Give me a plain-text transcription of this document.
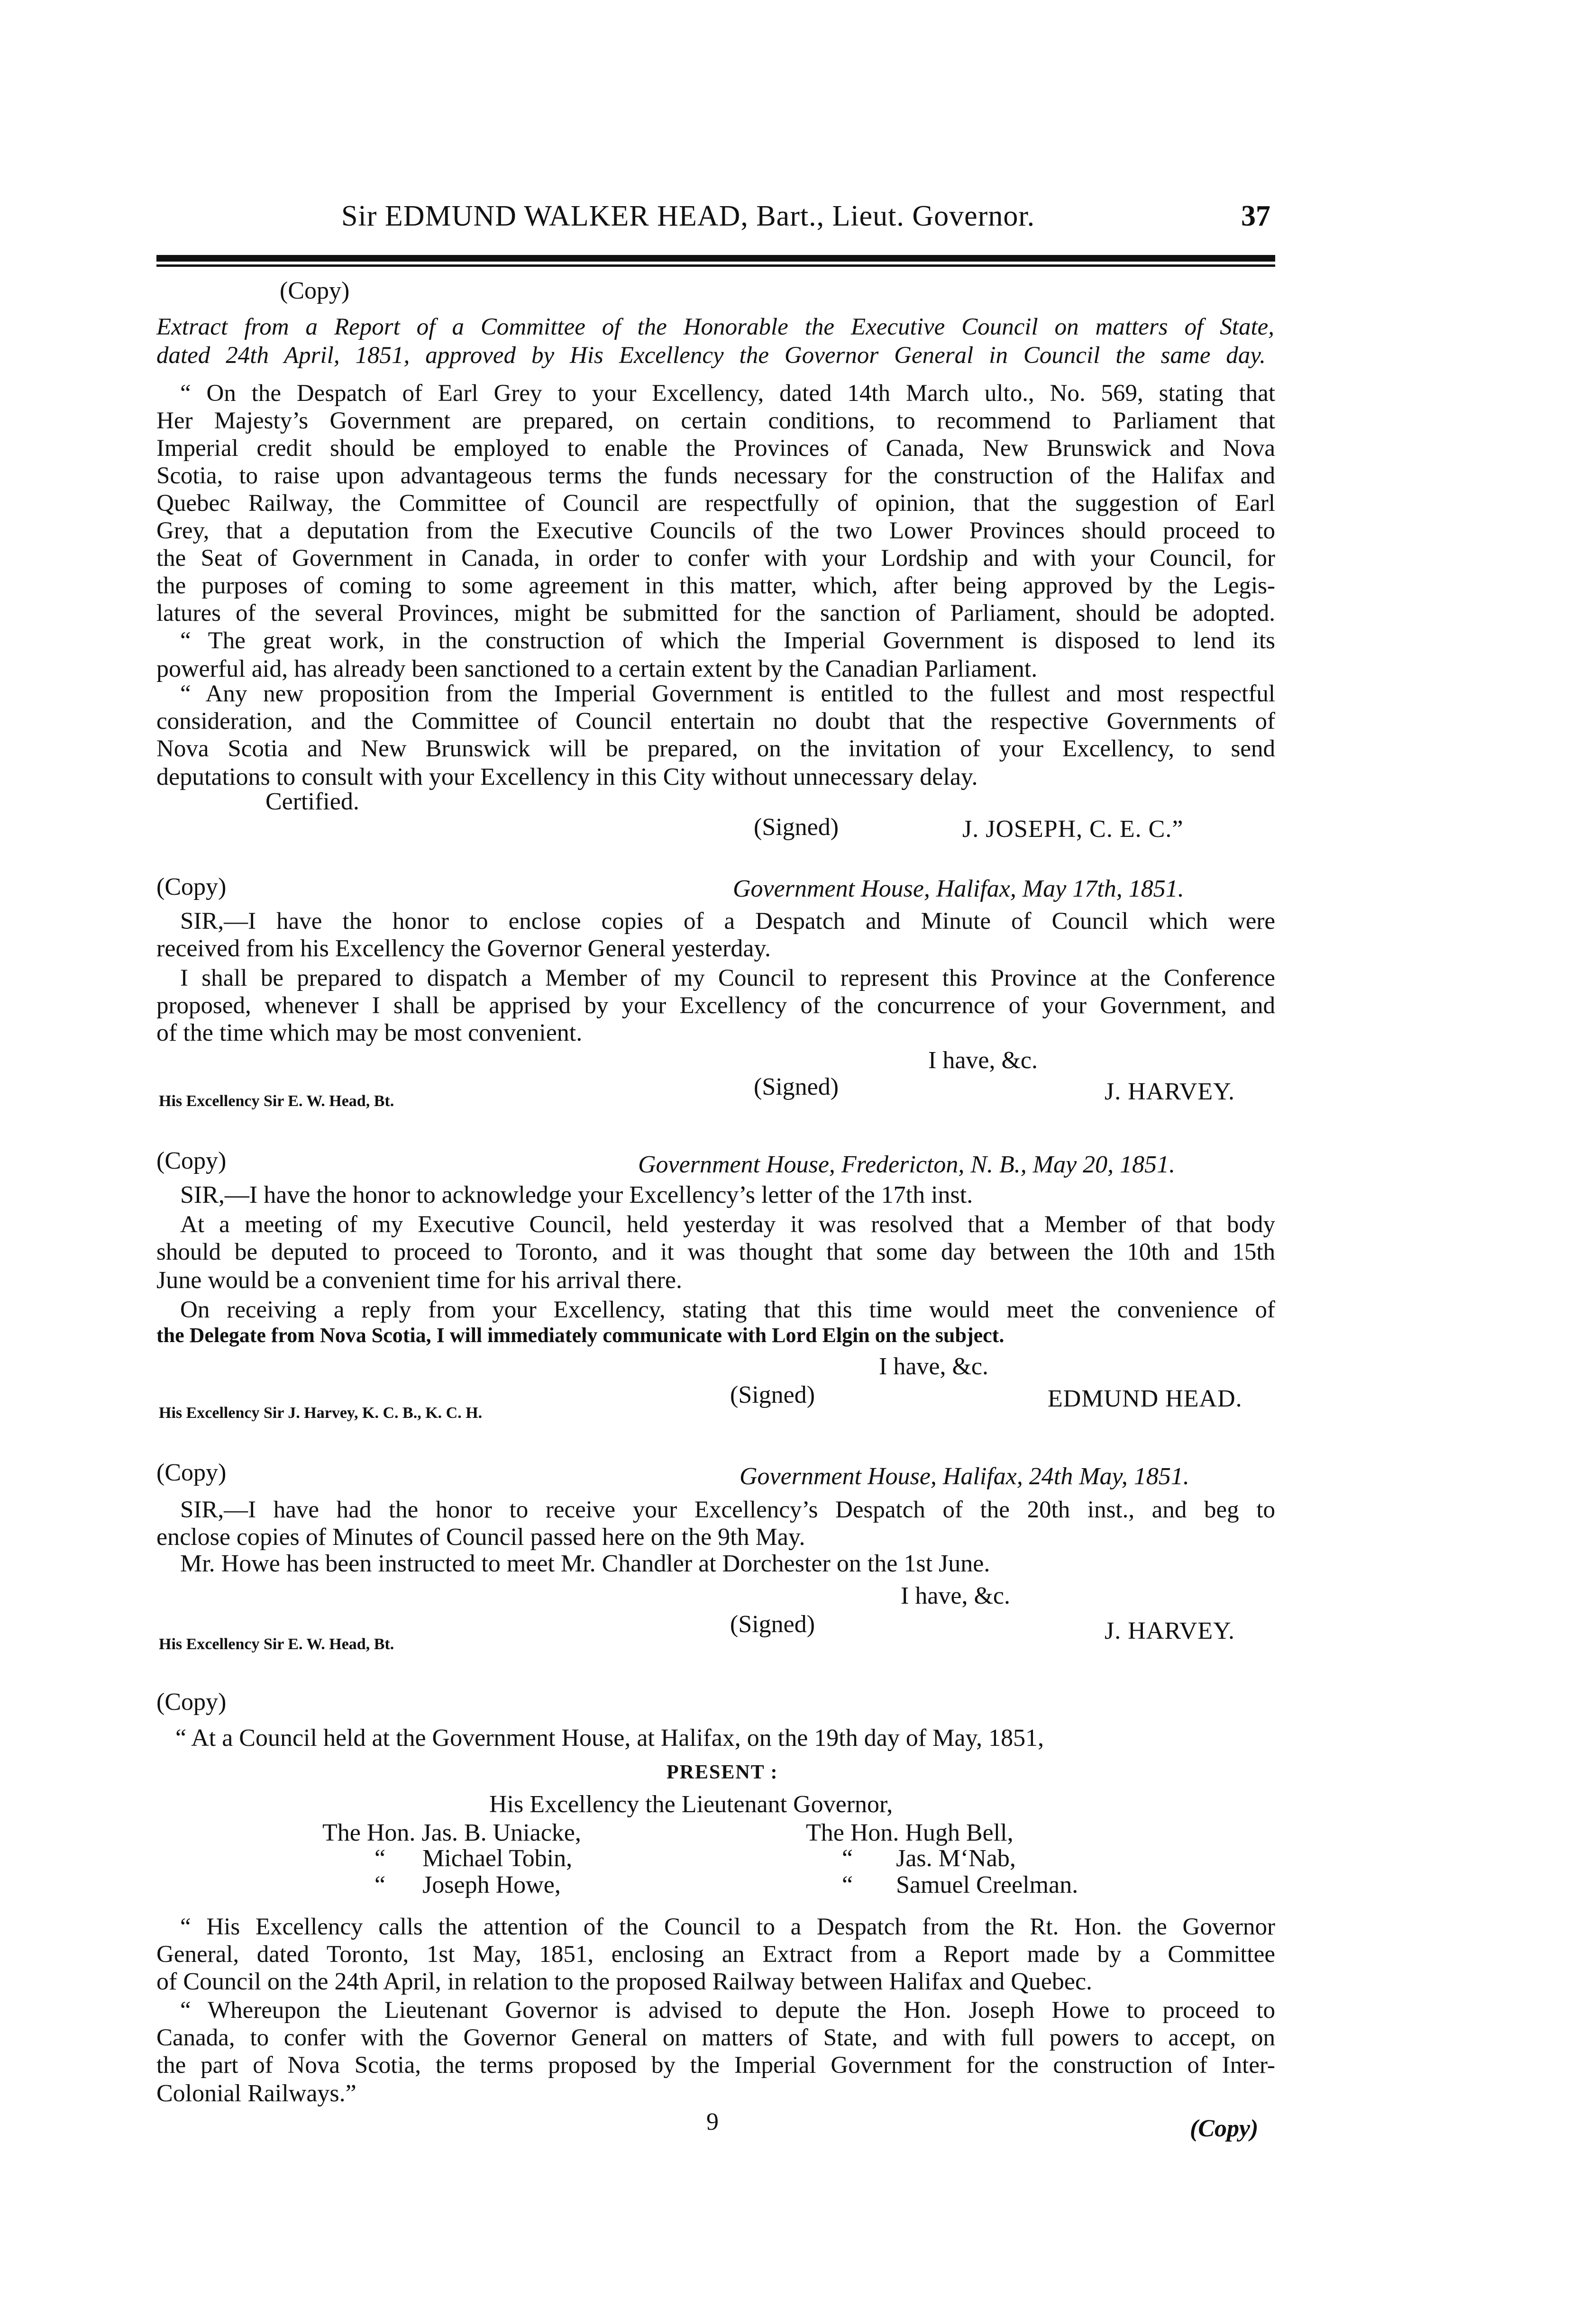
Sir EDMUND WALKER HEAD, Bart., Lieut. Governor.	37
(Copy)
Extract from a Report of a Committee of the Honorable the Executive Council on matters of State,
dated 24th April, 1851, approved by His Excellency the Governor General in Council the same day.
“ On the Despatch of Earl Grey to your Excellency, dated 14th March ulto., No. 569, stating that
Her Majesty’s Government are prepared, on certain conditions, to recommend to Parliament that
Imperial credit should be employed to enable the Provinces of Canada, New Brunswick and Nova
Scotia, to raise upon advantageous terms the funds necessary for the construction of the Halifax and
Quebec Railway, the Committee of Council are respectfully of opinion, that the suggestion of Earl
Grey, that a deputation from the Executive Councils of the two Lower Provinces should proceed to
the Seat of Government in Canada, in order to confer with your Lordship and with your Council, for
the purposes of coming to some agreement in this matter, which, after being approved by the Legis-
latures of the several Provinces, might be submitted for the sanction of Parliament, should be adopted.
“ The great work, in the construction of which the Imperial Government is disposed to lend its
powerful aid, has already been sanctioned to a certain extent by the Canadian Parliament.
“ Any new proposition from the Imperial Government is entitled to the fullest and most respectful
consideration, and the Committee of Council entertain no doubt that the respective Governments of
Nova Scotia and New Brunswick will be prepared, on the invitation of your Excellency, to send
deputations to consult with your Excellency in this City without unnecessary delay.
Certified.
(Signed)	J. JOSEPH, C. E. C.”
(Copy)	Government House, Halifax, May 17th, 1851.
SIR,—I have the honor to enclose copies of a Despatch and Minute of Council which were
received from his Excellency the Governor General yesterday.
I shall be prepared to dispatch a Member of my Council to represent this Province at the Conference
proposed, whenever I shall be apprised by your Excellency of the concurrence of your Government, and
of the time which may be most convenient.
I have, &c.
(Signed)	J. HARVEY.
His Excellency Sir E. W. Head, Bt.
(Copy)	Government House, Fredericton, N. B., May 20, 1851.
SIR,—I have the honor to acknowledge your Excellency’s letter of the 17th inst.
At a meeting of my Executive Council, held yesterday it was resolved that a Member of that body
should be deputed to proceed to Toronto, and it was thought that some day between the 10th and 15th
June would be a convenient time for his arrival there.
On receiving a reply from your Excellency, stating that this time would meet the convenience of
the Delegate from Nova Scotia, I will immediately communicate with Lord Elgin on the subject.
I have, &c.
(Signed)	EDMUND HEAD.
His Excellency Sir J. Harvey, K. C. B., K. C. H.
(Copy)	Government House, Halifax, 24th May, 1851.
SIR,—I have had the honor to receive your Excellency’s Despatch of the 20th inst., and beg to
enclose copies of Minutes of Council passed here on the 9th May.
Mr. Howe has been instructed to meet Mr. Chandler at Dorchester on the 1st June.
I have, &c.
(Signed)	J. HARVEY.
His Excellency Sir E. W. Head, Bt.
(Copy)
“ At a Council held at the Government House, at Halifax, on the 19th day of May, 1851,
PRESENT :
His Excellency the Lieutenant Governor,
The Hon. Jas. B. Uniacke,
“      Michael Tobin,
“      Joseph Howe,
The Hon. Hugh Bell,
“       Jas. M‘Nab,
“       Samuel Creelman.
“ His Excellency calls the attention of the Council to a Despatch from the Rt. Hon. the Governor
General, dated Toronto, 1st May, 1851, enclosing an Extract from a Report made by a Committee
of Council on the 24th April, in relation to the proposed Railway between Halifax and Quebec.
“ Whereupon the Lieutenant Governor is advised to depute the Hon. Joseph Howe to proceed to
Canada, to confer with the Governor General on matters of State, and with full powers to accept, on
the part of Nova Scotia, the terms proposed by the Imperial Government for the construction of Inter-
Colonial Railways.”
9	(Copy)
